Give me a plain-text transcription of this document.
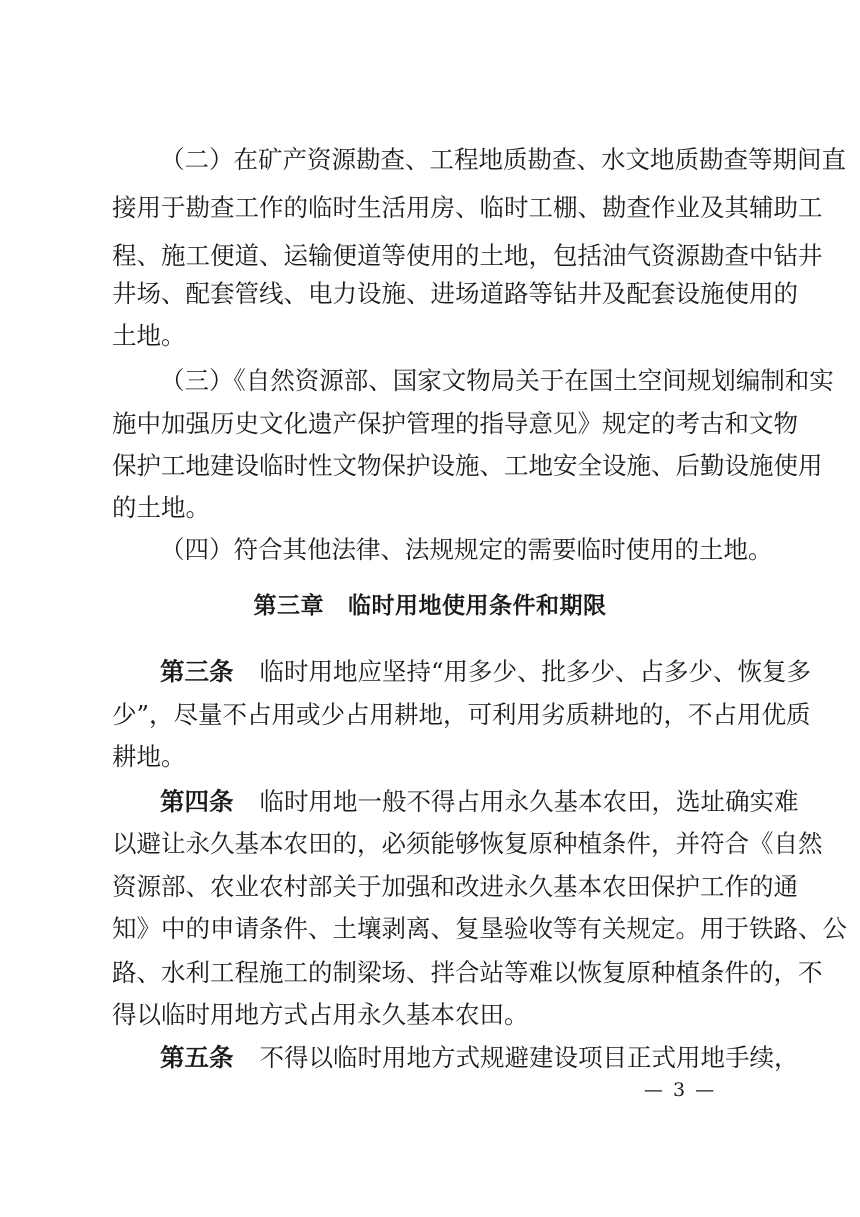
（二）在矿产资源勘查、工程地质勘查、水文地质勘查等期间直
接用于勘查工作的临时生活用房、临时工棚、勘查作业及其辅助工
程、施工便道、运输便道等使用的土地，包括油气资源勘查中钻井
井场、配套管线、电力设施、进场道路等钻井及配套设施使用的
土地。
（三）《自然资源部、国家文物局关于在国土空间规划编制和实
施中加强历史文化遗产保护管理的指导意见》规定的考古和文物
保护工地建设临时性文物保护设施、工地安全设施、后勤设施使用
的土地。
（四）符合其他法律、法规规定的需要临时使用的土地。
第三章 临时用地使用条件和期限
第三条 临时用地应坚持“用多少、批多少、占多少、恢复多
少”，尽量不占用或少占用耕地，可利用劣质耕地的，不占用优质
耕地。
第四条 临时用地一般不得占用永久基本农田，选址确实难
以避让永久基本农田的，必须能够恢复原种植条件，并符合《自然
资源部、农业农村部关于加强和改进永久基本农田保护工作的通
知》中的申请条件、土壤剥离、复垦验收等有关规定。用于铁路、公
路、水利工程施工的制梁场、拌合站等难以恢复原种植条件的，不
得以临时用地方式占用永久基本农田。
第五条 不得以临时用地方式规避建设项目正式用地手续，
— 3 —
